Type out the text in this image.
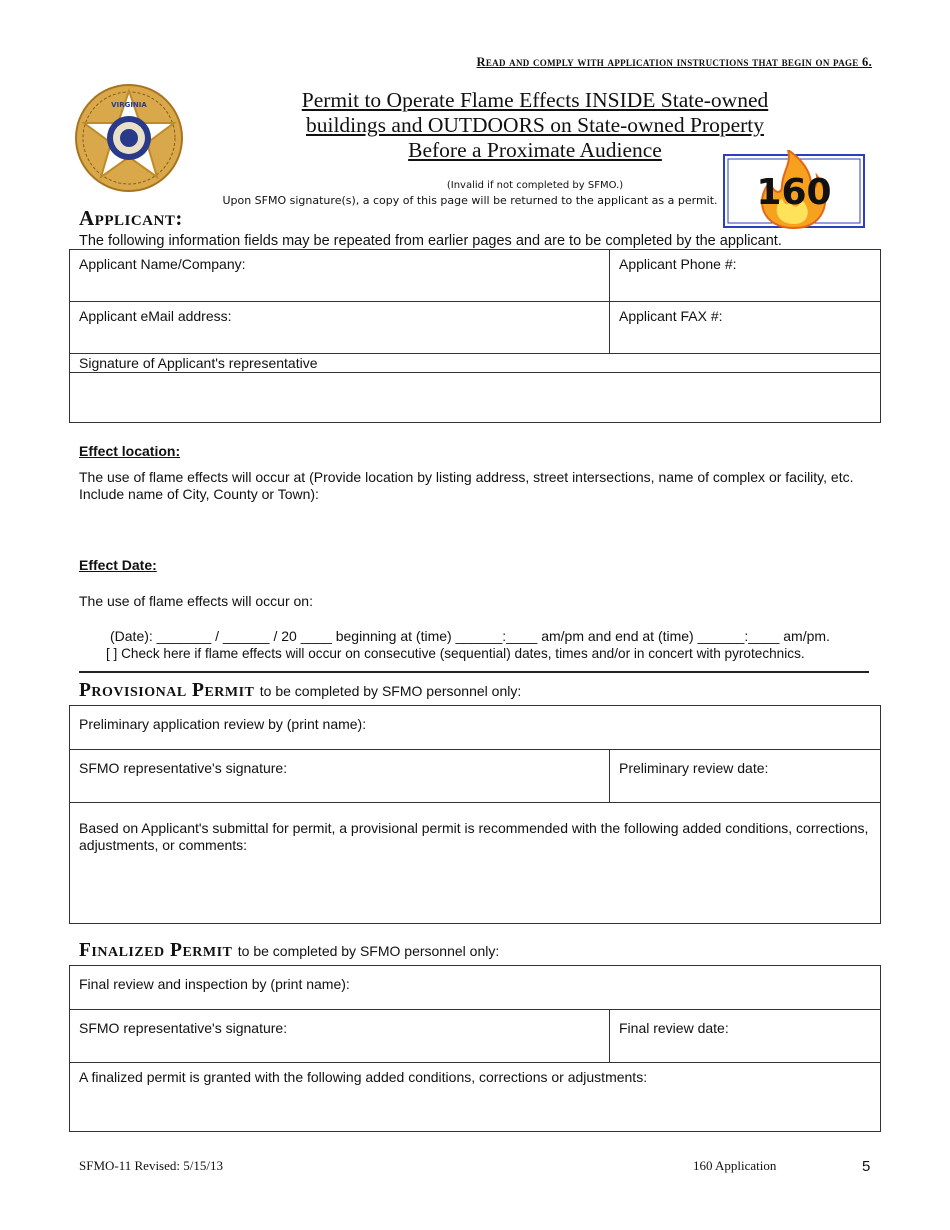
Read and comply with application instructions that begin on page 6.
VIRGINIA	Permit to Operate Flame Effects INSIDE State-owned
buildings and OUTDOORS on State-owned Property
Before a Proximate Audience
(Invalid if not completed by SFMO.)
Upon SFMO signature(s), a copy of this page will be returned to the applicant as a permit.	160
Applicant:
The following information fields may be repeated from earlier pages and are to be completed by the applicant.
Applicant Name/Company:	Applicant Phone #:

Applicant eMail address:	Applicant FAX #:

Signature of Applicant's representative	

Effect location:
The use of flame effects will occur at (Provide location by listing address, street intersections, name of complex or facility, etc. Include name of City, County or Town):
Effect Date:
The use of flame effects will occur on:
(Date): _______ / ______ / 20 ____ beginning at (time) ______:____ am/pm and end at (time) ______:____ am/pm.
[ ] Check here if flame effects will occur on consecutive (sequential) dates, times and/or in concert with pyrotechnics.
Provisional Permit to be completed by SFMO personnel only:
Preliminary application review by (print name):

SFMO representative's signature:	Preliminary review date:

Based on Applicant's submittal for permit, a provisional permit is recommended with the following added conditions, corrections, adjustments, or comments:
Finalized Permit to be completed by SFMO personnel only:
Final review and inspection by (print name):

SFMO representative's signature:	Final review date:

A finalized permit is granted with the following added conditions, corrections or adjustments:
SFMO-11 Revised: 5/15/13	160 Application	5
